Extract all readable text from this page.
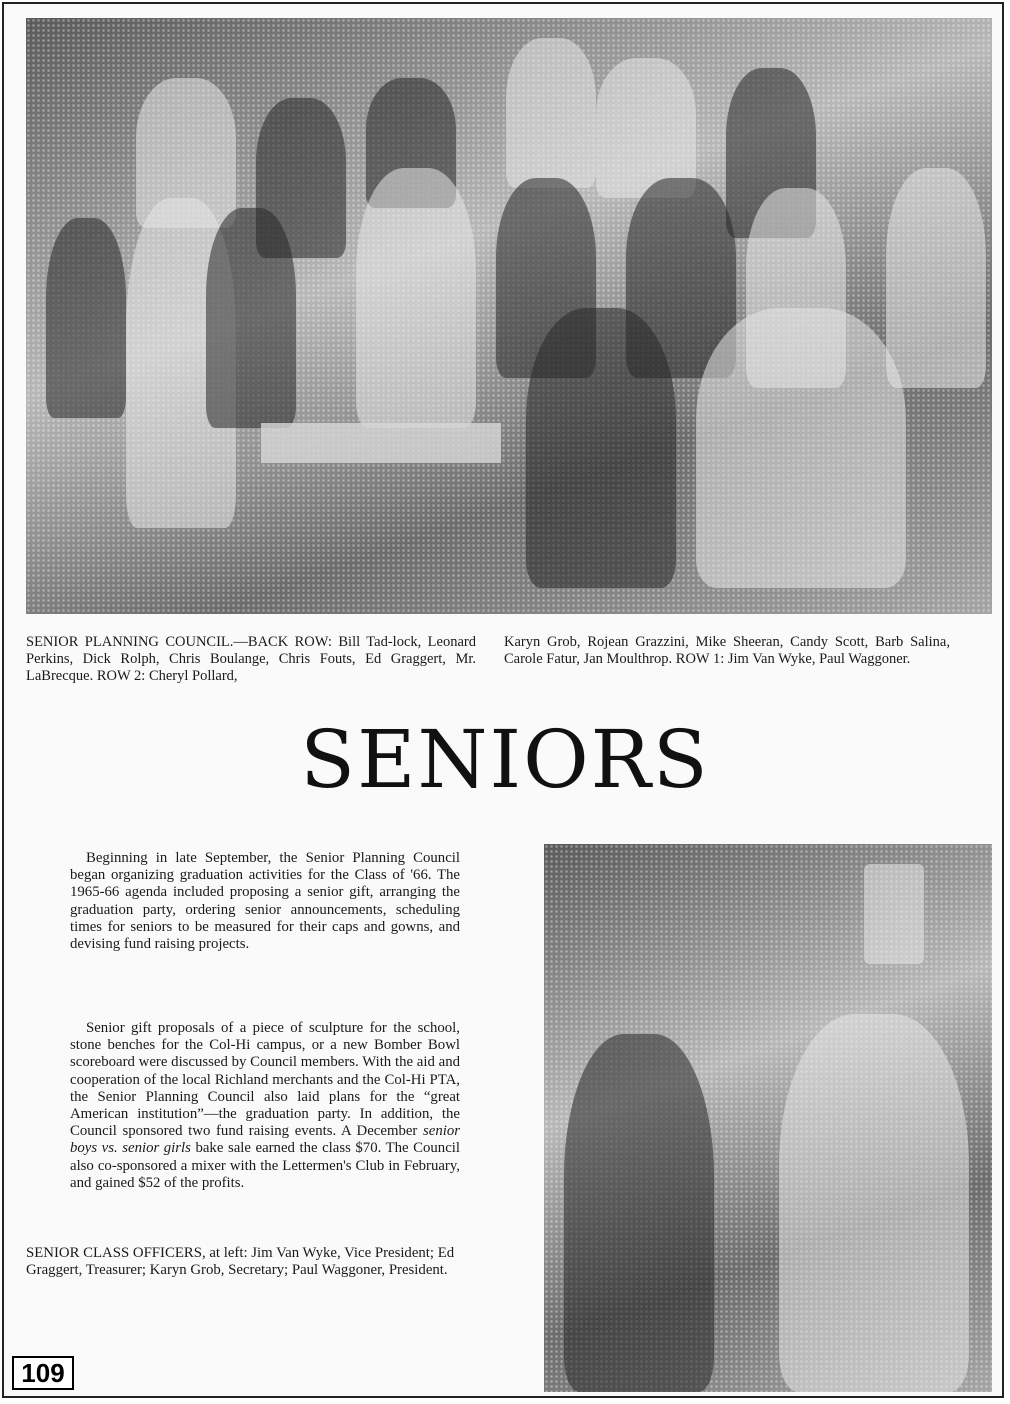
SENIOR PLANNING COUNCIL.—BACK ROW: Bill Tad-lock, Leonard Perkins, Dick Rolph, Chris Boulange, Chris Fouts, Ed Graggert, Mr. LaBrecque. ROW 2: Cheryl Pollard,
Karyn Grob, Rojean Grazzini, Mike Sheeran, Candy Scott, Barb Salina, Carole Fatur, Jan Moulthrop. ROW 1: Jim Van Wyke, Paul Waggoner.
SENIORS

Beginning in late September, the Senior Planning Council began organizing graduation activities for the Class of '66. The 1965-66 agenda included proposing a senior gift, arranging the graduation party, ordering senior announcements, scheduling times for seniors to be measured for their caps and gowns, and devising fund raising projects.

Senior gift proposals of a piece of sculpture for the school, stone benches for the Col-Hi campus, or a new Bomber Bowl scoreboard were discussed by Council members. With the aid and cooperation of the local Richland merchants and the Col-Hi PTA, the Senior Planning Council also laid plans for the “great American institution”—the graduation party. In addition, the Council sponsored two fund raising events. A December senior boys vs. senior girls bake sale earned the class $70. The Council also co-sponsored a mixer with the Lettermen's Club in February, and gained $52 of the profits.

SENIOR CLASS OFFICERS, at left: Jim Van Wyke, Vice President; Ed Graggert, Treasurer; Karyn Grob, Secretary; Paul Waggoner, President.

109
